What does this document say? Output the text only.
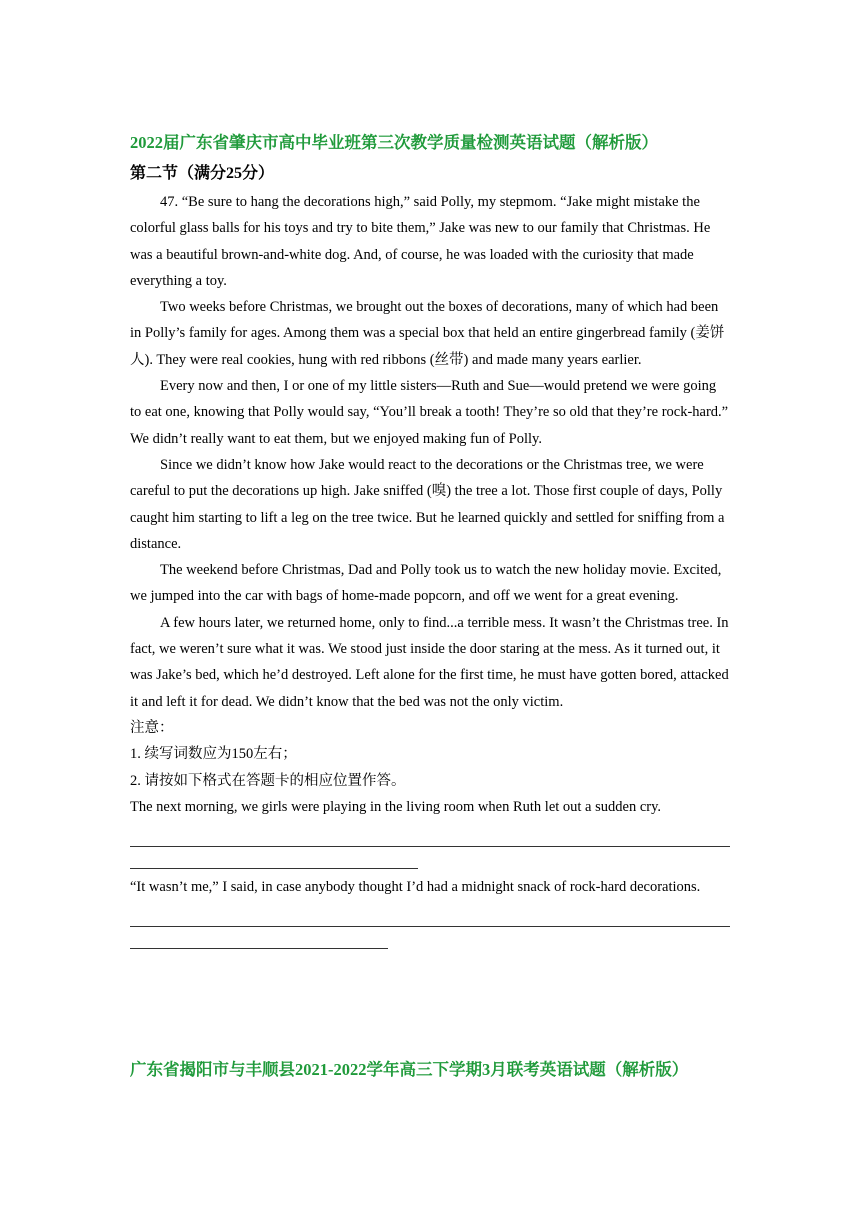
2022届广东省肇庆市高中毕业班第三次教学质量检测英语试题（解析版）

第二节（满分25分）

47. “Be sure to hang the decorations high,” said Polly, my stepmom. “Jake might mistake the colorful glass balls for his toys and try to bite them,” Jake was new to our family that Christmas. He was a beautiful brown-and-white dog. And, of course, he was loaded with the curiosity that made everything a toy.

Two weeks before Christmas, we brought out the boxes of decorations, many of which had been in Polly’s family for ages. Among them was a special box that held an entire gingerbread family (姜饼人). They were real cookies, hung with red ribbons (丝带) and made many years earlier.

Every now and then, I or one of my little sisters—Ruth and Sue—would pretend we were going to eat one, knowing that Polly would say, “You’ll break a tooth! They’re so old that they’re rock-hard.” We didn’t really want to eat them, but we enjoyed making fun of Polly.

Since we didn’t know how Jake would react to the decorations or the Christmas tree, we were careful to put the decorations up high. Jake sniffed (嗅) the tree a lot. Those first couple of days, Polly caught him starting to lift a leg on the tree twice. But he learned quickly and settled for sniffing from a distance.

The weekend before Christmas, Dad and Polly took us to watch the new holiday movie. Excited, we jumped into the car with bags of home-made popcorn, and off we went for a great evening.

A few hours later, we returned home, only to find...a terrible mess. It wasn’t the Christmas tree. In fact, we weren’t sure what it was. We stood just inside the door staring at the mess. As it turned out, it was Jake’s bed, which he’d destroyed. Left alone for the first time, he must have gotten bored, attacked it and left it for dead. We didn’t know that the bed was not the only victim.

注意：

1. 续写词数应为150左右；

2. 请按如下格式在答题卡的相应位置作答。

The next morning, we girls were playing in the living room when Ruth let out a sudden cry.

“It wasn’t me,” I said, in case anybody thought I’d had a midnight snack of rock-hard decorations.

广东省揭阳市与丰顺县2021-2022学年高三下学期3月联考英语试题（解析版）
